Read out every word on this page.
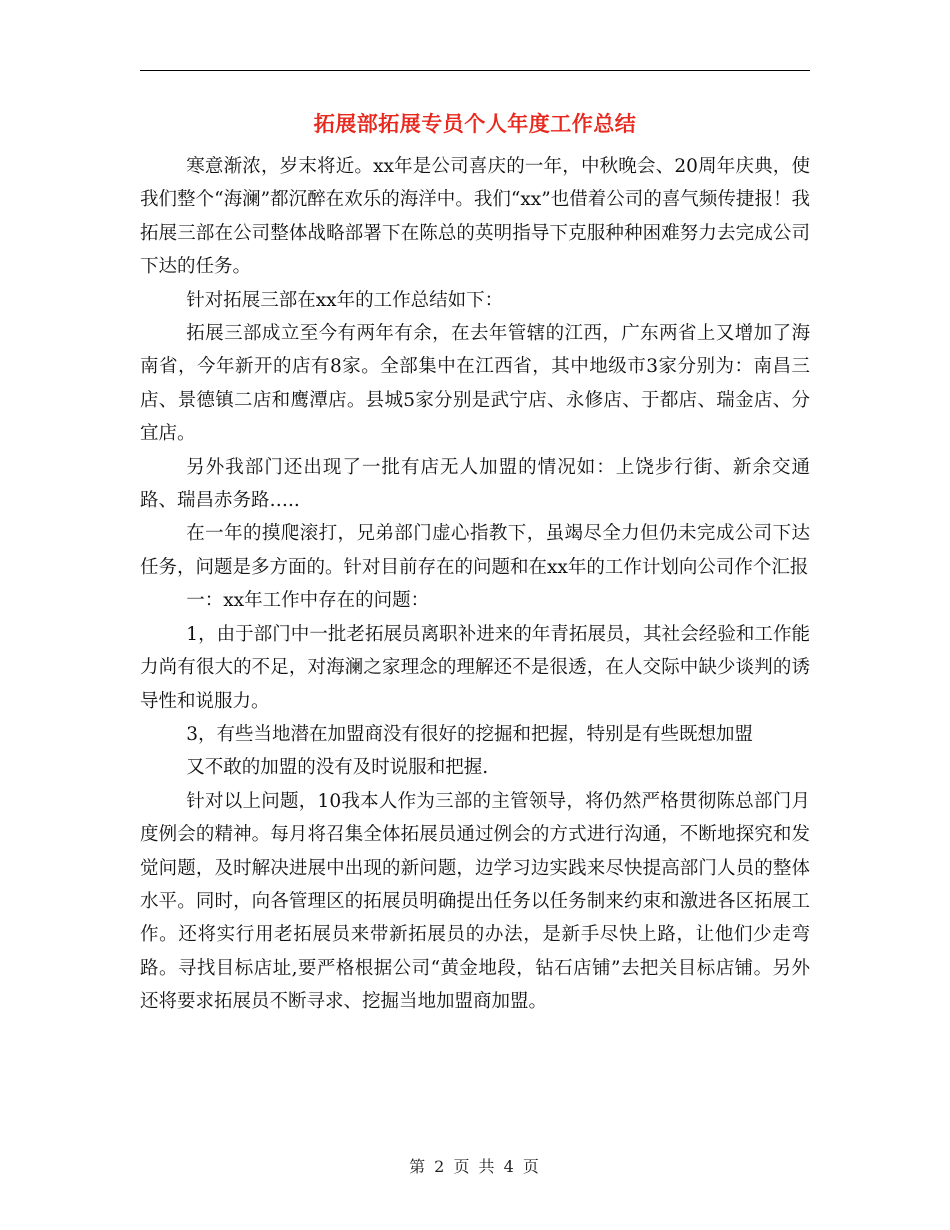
拓展部拓展专员个人年度工作总结

寒意渐浓，岁末将近。xx年是公司喜庆的一年，中秋晚会、20周年庆典，使我们整个“海澜”都沉醉在欢乐的海洋中。我们“xx”也借着公司的喜气频传捷报！我拓展三部在公司整体战略部署下在陈总的英明指导下克服种种困难努力去完成公司下达的任务。

针对拓展三部在xx年的工作总结如下：

拓展三部成立至今有两年有余，在去年管辖的江西，广东两省上又增加了海南省，今年新开的店有8家。全部集中在江西省，其中地级市3家分别为：南昌三店、景德镇二店和鹰潭店。县城5家分别是武宁店、永修店、于都店、瑞金店、分宜店。

另外我部门还出现了一批有店无人加盟的情况如：上饶步行街、新余交通路、瑞昌赤务路…..

在一年的摸爬滚打，兄弟部门虚心指教下，虽竭尽全力但仍未完成公司下达任务，问题是多方面的。针对目前存在的问题和在xx年的工作计划向公司作个汇报

一：xx年工作中存在的问题：

1，由于部门中一批老拓展员离职补进来的年青拓展员，其社会经验和工作能力尚有很大的不足，对海澜之家理念的理解还不是很透，在人交际中缺少谈判的诱导性和说服力。

3，有些当地潜在加盟商没有很好的挖掘和把握，特别是有些既想加盟

又不敢的加盟的没有及时说服和把握.

针对以上问题，10我本人作为三部的主管领导，将仍然严格贯彻陈总部门月度例会的精神。每月将召集全体拓展员通过例会的方式进行沟通，不断地探究和发觉问题，及时解决进展中出现的新问题，边学习边实践来尽快提高部门人员的整体水平。同时，向各管理区的拓展员明确提出任务以任务制来约束和激进各区拓展工作。还将实行用老拓展员来带新拓展员的办法，是新手尽快上路，让他们少走弯路。寻找目标店址,要严格根据公司“黄金地段，钻石店铺”去把关目标店铺。另外还将要求拓展员不断寻求、挖掘当地加盟商加盟。

第 2 页 共 4 页
